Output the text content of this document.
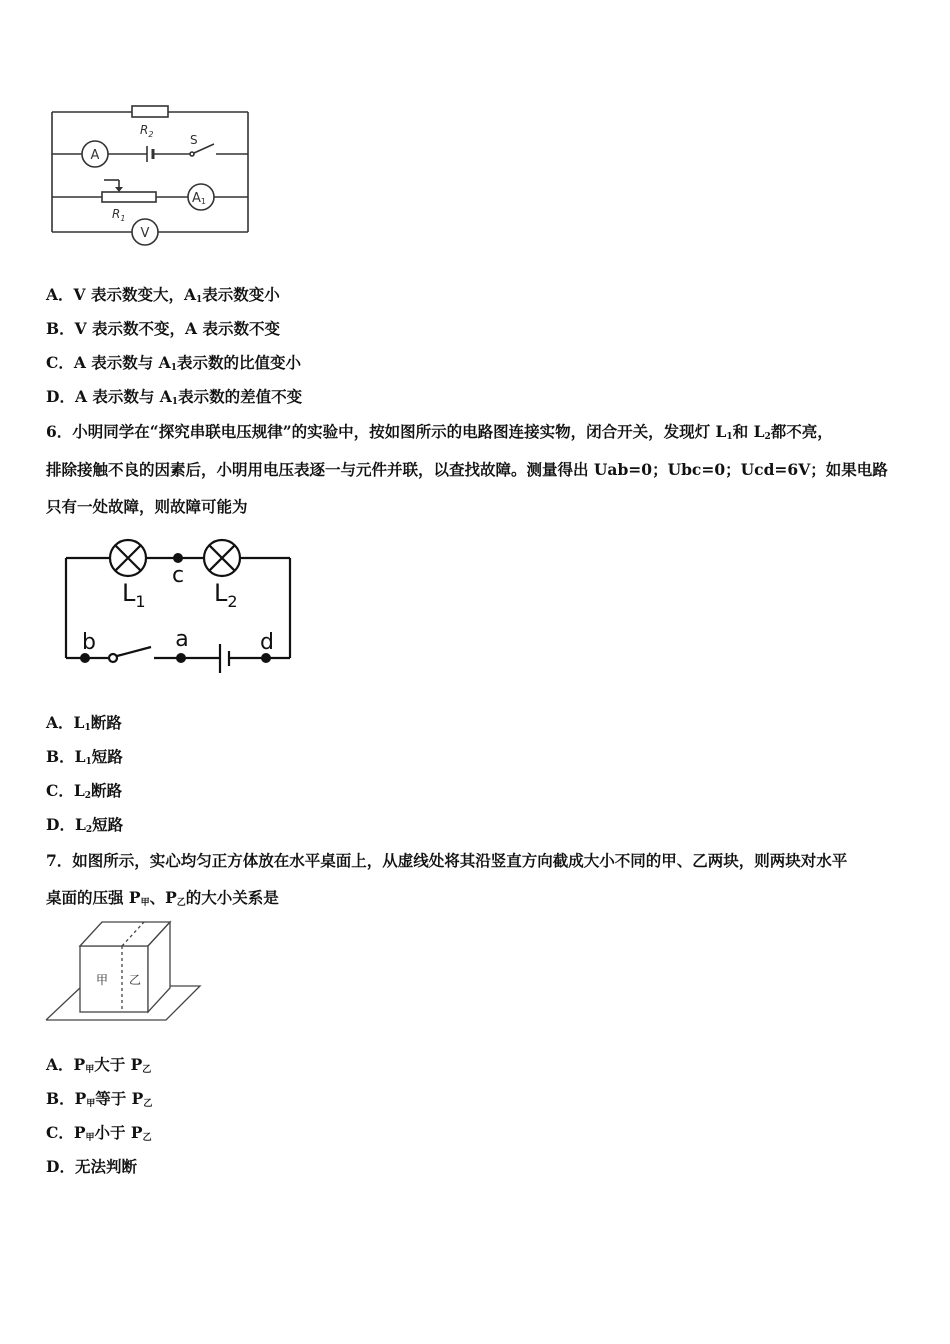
$R_2$	S
A
A1
$R_1$
V
A．V 表示数变大，$A_1$表示数变小
B．V 表示数不变，A 表示数不变
C．A 表示数与 $A_1$表示数的比值变小
D．A 表示数与 $A_1$表示数的差值不变
6．小明同学在“探究串联电压规律”的实验中，按如图所示的电路图连接实物，闭合开关，发现灯 $L_1$和 $L_2$都不亮，
排除接触不良的因素后，小明用电压表逐一与元件并联，以查找故障。测量得出 Uab=0；Ubc=0；Ucd=6V；如果电路
只有一处故障，则故障可能为
c
$L_1$	$L_2$
b	a	d
A．$L_1$断路
B．$L_1$短路
C．$L_2$断路
D．$L_2$短路
7．如图所示，实心均匀正方体放在水平桌面上，从虚线处将其沿竖直方向截成大小不同的甲、乙两块，则两块对水平
桌面的压强 $P_甲$、$P_乙$的大小关系是
甲 乙
A．$P_甲$大于 $P_乙$
B．$P_甲$等于 $P_乙$
C．$P_甲$小于 $P_乙$
D．无法判断
